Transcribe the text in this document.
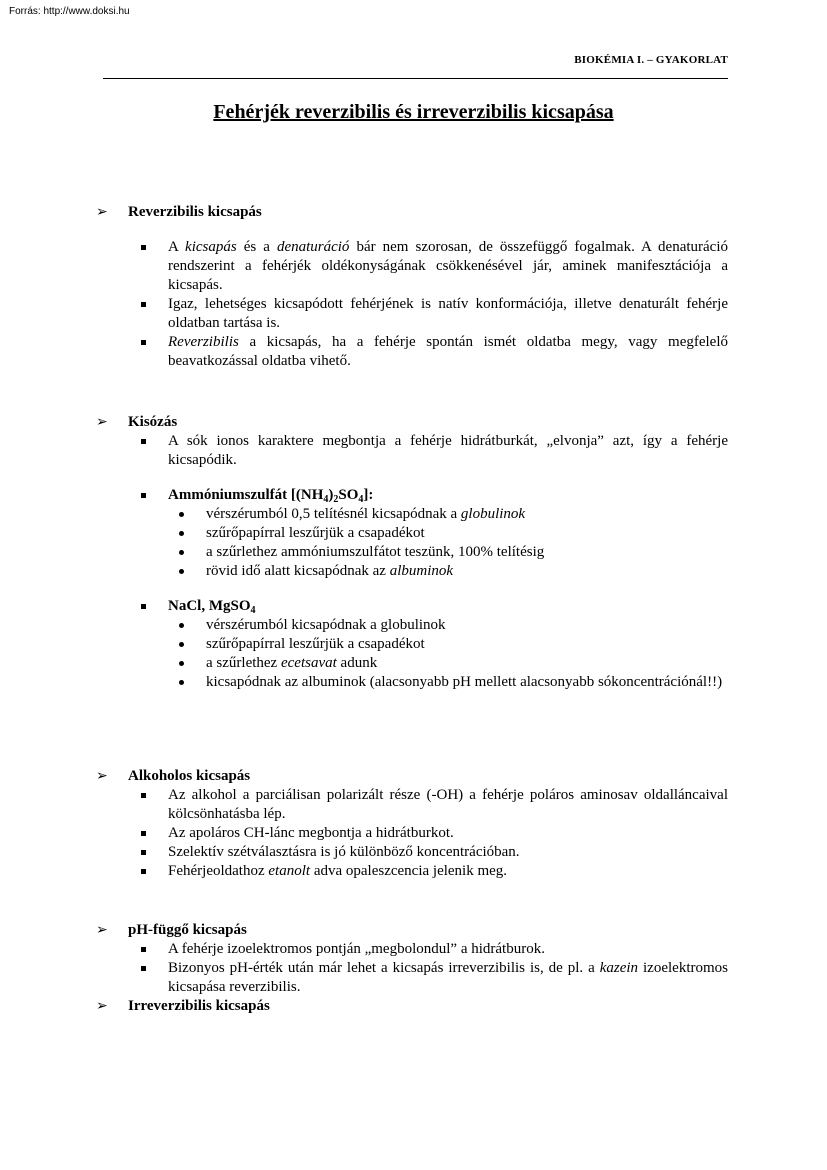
Forrás: http://www.doksi.hu
BIOKÉMIA I. – GYAKORLAT
Fehérjék reverzibilis és irreverzibilis kicsapása
➢ Reverzibilis kicsapás
A kicsapás és a denaturáció bár nem szorosan, de összefüggő fogalmak. A denaturáció rendszerint a fehérjék oldékonyságának csökkenésével jár, aminek manifesztációja a kicsapás.
Igaz, lehetséges kicsapódott fehérjének is natív konformációja, illetve denaturált fehérje oldatban tartása is.
Reverzibilis a kicsapás, ha a fehérje spontán ismét oldatba megy, vagy megfelelő beavatkozással oldatba vihető.
➢ Kisózás
A sók ionos karaktere megbontja a fehérje hidrátburkát, „elvonja” azt, így a fehérje kicsapódik.
Ammóniumszulfát $[(NH_4)_2SO_4]$:
vérszérumból 0,5 telítésnél kicsapódnak a globulinok
szűrőpapírral leszűrjük a csapadékot
a szűrlethez ammóniumszulfátot teszünk, 100% telítésig
rövid idő alatt kicsapódnak az albuminok
NaCl, MgSO$_4$
vérszérumból kicsapódnak a globulinok
szűrőpapírral leszűrjük a csapadékot
a szűrlethez ecetsavat adunk
kicsapódnak az albuminok (alacsonyabb pH mellett alacsonyabb sókoncentrációnál!!)
➢ Alkoholos kicsapás
Az alkohol a parciálisan polarizált része (-OH) a fehérje poláros aminosav oldalláncaival kölcsönhatásba lép.
Az apoláros CH-lánc megbontja a hidrátburkot.
Szelektív szétválasztásra is jó különböző koncentrációban.
Fehérjeoldathoz etanolt adva opaleszcencia jelenik meg.
➢ pH-függő kicsapás
A fehérje izoelektromos pontján „megbolondul” a hidrátburok.
Bizonyos pH-érték után már lehet a kicsapás irreverzibilis is, de pl. a kazein izoelektromos kicsapása reverzibilis.
➢ Irreverzibilis kicsapás
